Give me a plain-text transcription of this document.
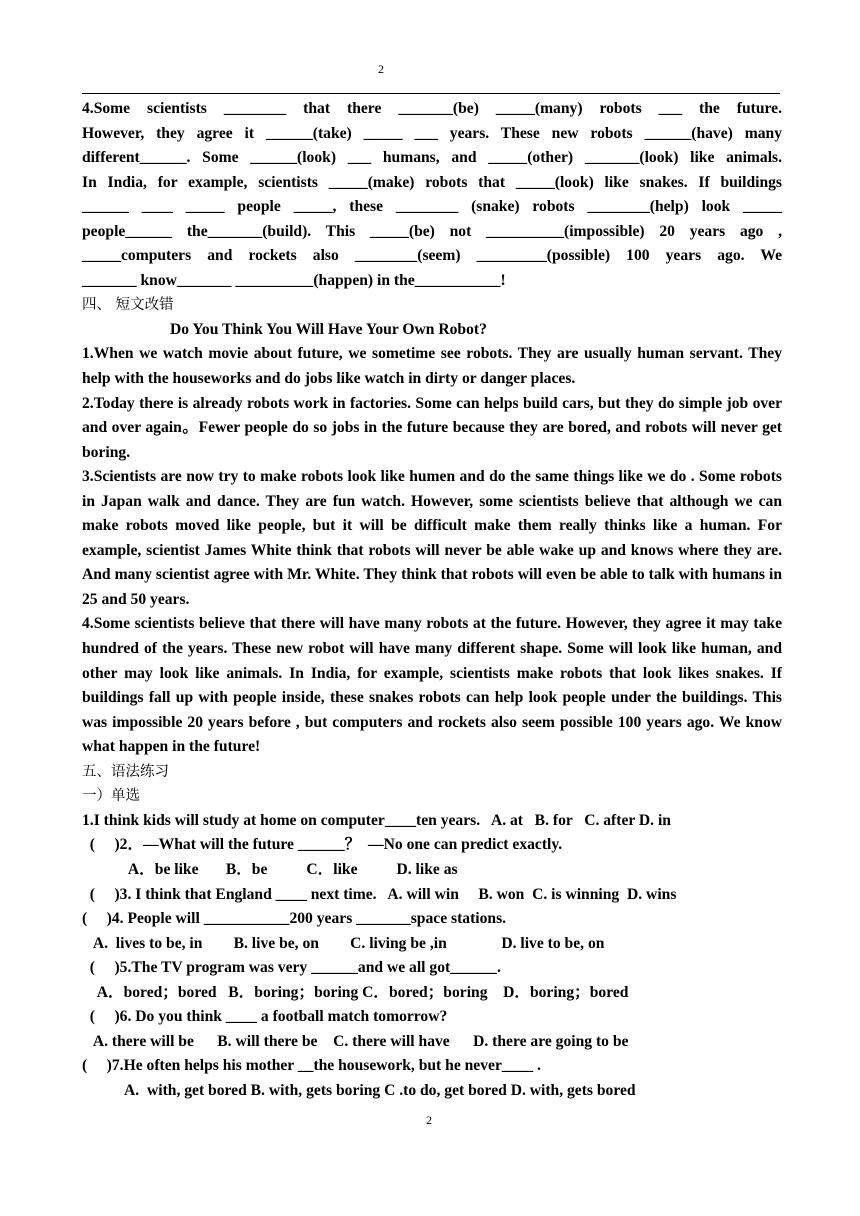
2
4.Some scientists ________ that there _______(be) _____(many) robots ___ the future.
However, they agree it ______(take) _____ ___ years. These new robots ______(have) many
different______. Some ______(look) ___ humans, and _____(other) _______(look) like animals.
In India, for example, scientists _____(make) robots that _____(look) like snakes. If buildings
______ ____ _____ people _____, these ________ (snake) robots ________(help) look _____
people______ the_______(build). This _____(be) not __________(impossible) 20 years ago ,
_____computers and rockets also ________(seem) _________(possible) 100 years ago. We
_______ know_______ __________(happen) in the___________!
四、 短文改错
Do You Think You Will Have Your Own Robot?
1.When we watch movie about future, we sometime see robots. They are usually human servant. They help with the houseworks and do jobs like watch in dirty or danger places.
2.Today there is already robots work in factories. Some can helps build cars, but they do simple job over and over again。Fewer people do so jobs in the future because they are bored, and robots will never get boring.
3.Scientists are now try to make robots look like humen and do the same things like we do . Some robots in Japan walk and dance. They are fun watch. However, some scientists believe that although we can make robots moved like people, but it will be difficult make them really thinks like a human. For example, scientist James White think that robots will never be able wake up and knows where they are. And many scientist agree with Mr. White. They think that robots will even be able to talk with humans in 25 and 50 years.
4.Some scientists believe that there will have many robots at the future. However, they agree it may take hundred of the years. These new robot will have many different shape. Some will look like human, and other may look like animals. In India, for example, scientists make robots that look likes snakes. If buildings fall up with people inside, these snakes robots can help look people under the buildings. This was impossible 20 years before , but computers and rockets also seem possible 100 years ago. We know what happen in the future!
五、语法练习
一）单选
1.I think kids will study at home on computer____ten years.   A. at   B. for   C. after D. in
(     )2．—What will the future ______？  —No one can predict exactly.
A．be like       B．be          C．like          D. like as
(     )3. I think that England ____ next time.   A. will win     B. won  C. is winning  D. wins
(     )4. People will ___________200 years _______space stations.
A.  lives to be, in        B. live be, on        C. living be ,in              D. live to be, on
(     )5.The TV program was very ______and we all got______.
A．bored；bored   B．boring；boring C．bored；boring    D．boring；bored
(     )6. Do you think ____ a football match tomorrow?
A. there will be      B. will there be    C. there will have      D. there are going to be
(     )7.He often helps his mother __the housework, but he never____ .
A.  with, get bored B. with, gets boring C .to do, get bored D. with, gets bored
2
